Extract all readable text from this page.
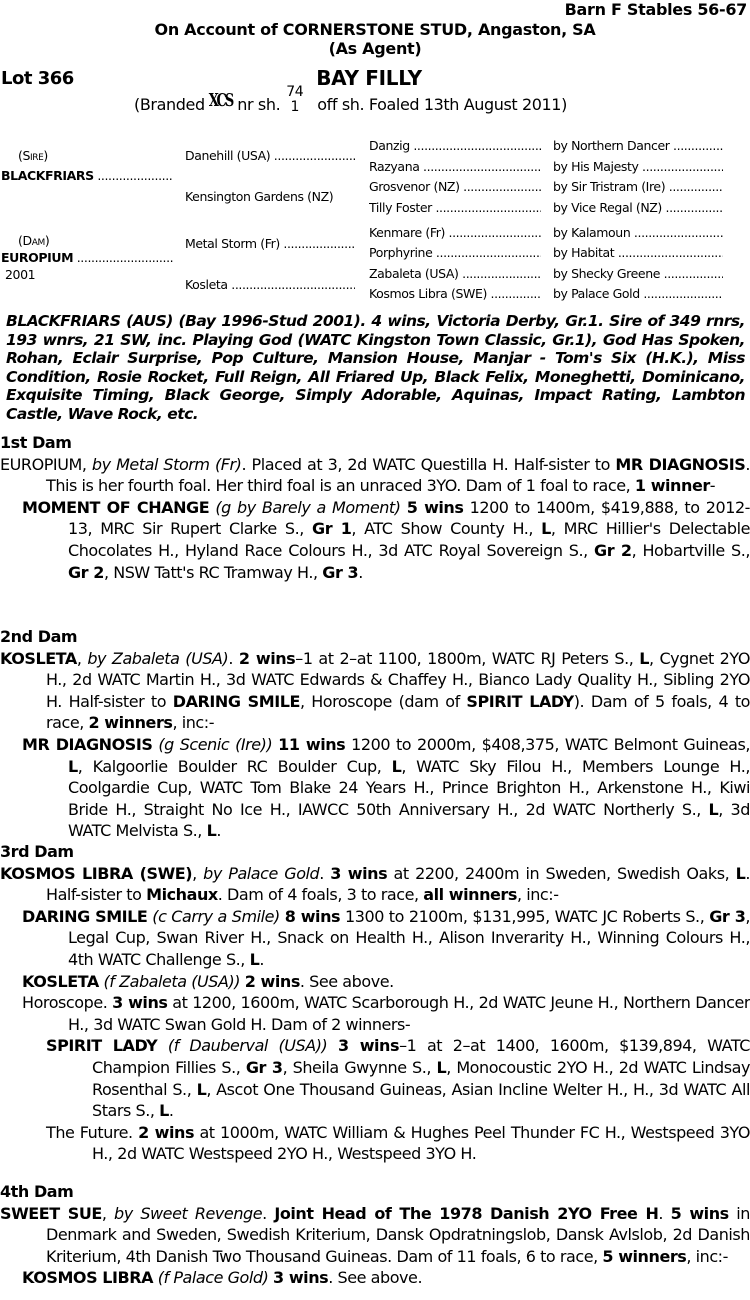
Barn F Stables 56-67
On Account of CORNERSTONE STUD, Angaston, SA
(As Agent)
Lot 366	BAY FILLY
(Branded XCS nr sh.
74
1 off sh. Foaled 13th August 2011)
(Sire)
BLACKFRIARS .....
(Dam)
EUROPIUM .....
2001
Danehill (USA) .....
Kensington Gardens (NZ)
Metal Storm (Fr) .....
Kosleta .....
Danzig .....
Razyana .....
Grosvenor (NZ) .....
Tilly Foster .....
Kenmare (Fr) .....
Porphyrine .....
Zabaleta (USA) .....
Kosmos Libra (SWE) .....
by Northern Dancer .....
by His Majesty .....
by Sir Tristram (Ire) .....
by Vice Regal (NZ) .....
by Kalamoun .....
by Habitat .....
by Shecky Greene .....
by Palace Gold .....
BLACKFRIARS (AUS) (Bay 1996-Stud 2001). 4 wins, Victoria Derby, Gr.1. Sire of 349 rnrs, 193 wnrs, 21 SW, inc. Playing God (WATC Kingston Town Classic, Gr.1), God Has Spoken, Rohan, Eclair Surprise, Pop Culture, Mansion House, Manjar - Tom's Six (H.K.), Miss Condition, Rosie Rocket, Full Reign, All Friared Up, Black Felix, Moneghetti, Dominicano, Exquisite Timing, Black George, Simply Adorable, Aquinas, Impact Rating, Lambton Castle, Wave Rock, etc.
1st Dam
EUROPIUM, by Metal Storm (Fr). Placed at 3, 2d WATC Questilla H. Half-sister to MR DIAGNOSIS. This is her fourth foal. Her third foal is an unraced 3YO. Dam of 1 foal to race, 1 winner-
MOMENT OF CHANGE (g by Barely a Moment) 5 wins 1200 to 1400m, $419,888, to 2012-13, MRC Sir Rupert Clarke S., Gr 1, ATC Show County H., L, MRC Hillier's Delectable Chocolates H., Hyland Race Colours H., 3d ATC Royal Sovereign S., Gr 2, Hobartville S., Gr 2, NSW Tatt's RC Tramway H., Gr 3.
2nd Dam
KOSLETA, by Zabaleta (USA). 2 wins–1 at 2–at 1100, 1800m, WATC RJ Peters S., L, Cygnet 2YO H., 2d WATC Martin H., 3d WATC Edwards & Chaffey H., Bianco Lady Quality H., Sibling 2YO H. Half-sister to DARING SMILE, Horoscope (dam of SPIRIT LADY). Dam of 5 foals, 4 to race, 2 winners, inc:-
MR DIAGNOSIS (g Scenic (Ire)) 11 wins 1200 to 2000m, $408,375, WATC Belmont Guineas, L, Kalgoorlie Boulder RC Boulder Cup, L, WATC Sky Filou H., Members Lounge H., Coolgardie Cup, WATC Tom Blake 24 Years H., Prince Brighton H., Arkenstone H., Kiwi Bride H., Straight No Ice H., IAWCC 50th Anniversary H., 2d WATC Northerly S., L, 3d WATC Melvista S., L.
3rd Dam
KOSMOS LIBRA (SWE), by Palace Gold. 3 wins at 2200, 2400m in Sweden, Swedish Oaks, L. Half-sister to Michaux. Dam of 4 foals, 3 to race, all winners, inc:-
DARING SMILE (c Carry a Smile) 8 wins 1300 to 2100m, $131,995, WATC JC Roberts S., Gr 3, Legal Cup, Swan River H., Snack on Health H., Alison Inverarity H., Winning Colours H., 4th WATC Challenge S., L.
KOSLETA (f Zabaleta (USA)) 2 wins. See above.
Horoscope. 3 wins at 1200, 1600m, WATC Scarborough H., 2d WATC Jeune H., Northern Dancer H., 3d WATC Swan Gold H. Dam of 2 winners-
SPIRIT LADY (f Dauberval (USA)) 3 wins–1 at 2–at 1400, 1600m, $139,894, WATC Champion Fillies S., Gr 3, Sheila Gwynne S., L, Monocoustic 2YO H., 2d WATC Lindsay Rosenthal S., L, Ascot One Thousand Guineas, Asian Incline Welter H., H., 3d WATC All Stars S., L.
The Future. 2 wins at 1000m, WATC William & Hughes Peel Thunder FC H., Westspeed 3YO H., 2d WATC Westspeed 2YO H., Westspeed 3YO H.
4th Dam
SWEET SUE, by Sweet Revenge. Joint Head of The 1978 Danish 2YO Free H. 5 wins in Denmark and Sweden, Swedish Kriterium, Dansk Opdratningslob, Dansk Avlslob, 2d Danish Kriterium, 4th Danish Two Thousand Guineas. Dam of 11 foals, 6 to race, 5 winners, inc:-
KOSMOS LIBRA (f Palace Gold) 3 wins. See above.
